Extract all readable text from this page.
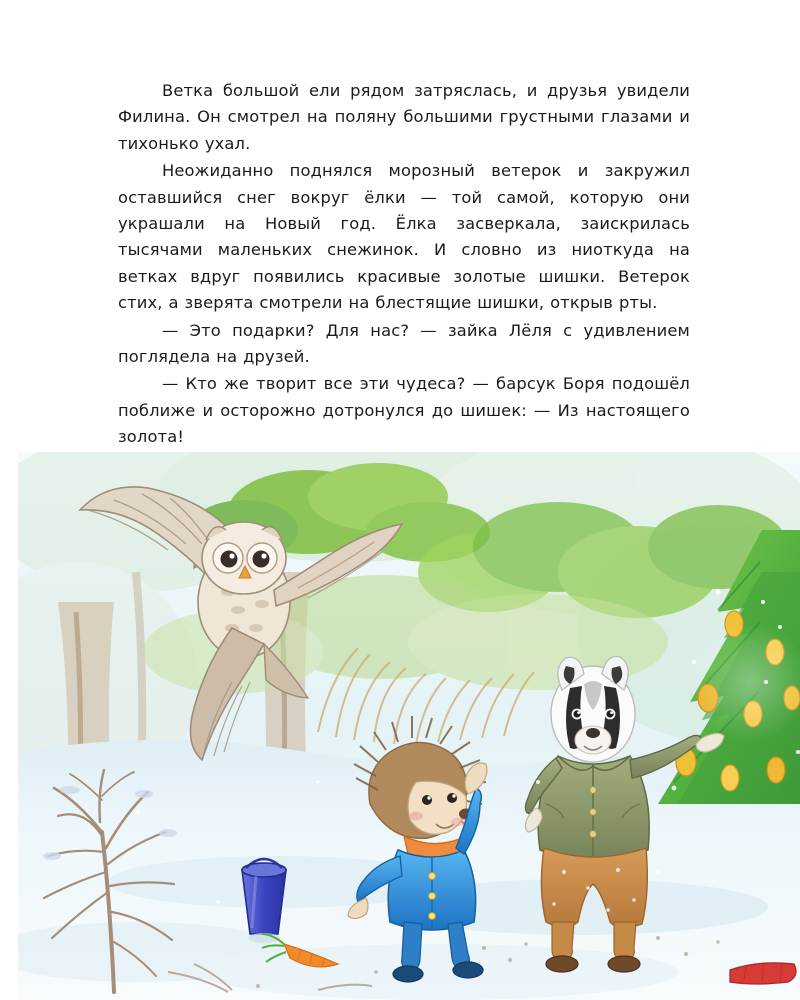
Ветка большой ели рядом затряслась, и друзья увидели Филина. Он смотрел на поляну большими грустными глазами и тихонько ухал.

Неожиданно поднялся морозный ветерок и закружил оставшийся снег вокруг ёлки — той самой, которую они украшали на Новый год. Ёлка засверкала, заискрилась тысячами маленьких снежинок. И словно из ниоткуда на ветках вдруг появились красивые золотые шишки. Ветерок стих, а зверята смотрели на блестящие шишки, открыв рты.

— Это подарки? Для нас? — зайка Лёля с удивлением поглядела на друзей.

— Кто же творит все эти чудеса? — барсук Боря подошёл поближе и осторожно дотронулся до шишек: — Из настоящего золота!
